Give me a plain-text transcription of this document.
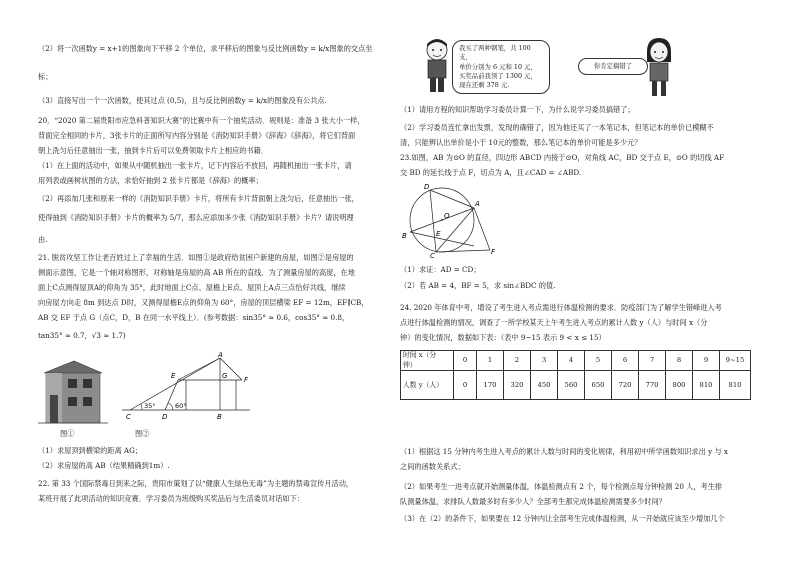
（2）将一次函数y = x+1的图象向下平移 2 个单位，求平移后的图象与反比例函数y = k/x图象的交点坐
标；
（3）直接写出一个一次函数，使其过点 (0,5)，且与反比例函数y = k/x的图象没有公共点.
20．“2020 第二届贵阳市应急科普知识大赛”的比赛中有一个抽奖活动．规则是：准备 3 张大小一样，
背面完全相同的卡片，3张卡片的正面所写内容分别是《消防知识手册》《辞海》《辞海》，将它们背面
朝上洗匀后任意抽出一张，抽到卡片后可以免费领取卡片上相应的书籍．
（1）在上面的活动中，如果从中随机抽出一张卡片，记下内容后不放回，再随机抽出一张卡片，请
用列表或画树状图的方法，求恰好抽到 2 张卡片都是《辞海》的概率；
（2）再添加几张和原来一样的《消防知识手册》卡片，将所有卡片背面朝上洗匀后，任意抽出一张，
使得抽到《消防知识手册》卡片的概率为 5/7，那么应添加多少张《消防知识手册》卡片？请说明理
由.
21. 脱贫攻坚工作让老百姓过上了幸福的生活．如图①是政府给贫困户新建的房屋，如图②是房屋的
侧面示意图，它是一个轴对称图形，对称轴是房屋的高 AB 所在的直线．为了测量房屋的高度，在地
面上C点测得屋顶A的仰角为 35°，此时地面上C点、屋檐上E点、屋顶上A点三点恰好共线，继续
向房屋方向走 8m 到达点 D时，又测得屋檐E点的仰角为 60°，房屋的顶层横梁 EF = 12m，EF∥CB，
AB 交 EF 于点 G（点C，D，B 在同一水平线上）．(参考数据：sin35° ≈ 0.6，cos35° ≈ 0.8，
tan35° ≈ 0.7，√3 ≈ 1.7)
图①
A
E	G F
C	D	B
35°	60°
图②
（1）求屋顶到横梁的距离 AG；
（2）求房屋的高 AB（结果精确到1m）.
22. 第 33 个国际禁毒日到来之际，贵阳市策划了以“健康人生绿色无毒”为主题的禁毒宣传月活动，
某班开展了此项活动的知识竞赛．学习委员为班级购买奖品后与生活委员对话如下：
我买了两种钢笔，共 100 支，
单价分别为 6 元和 10 元，
买奖品前我领了 1300 元，
现在还剩 378 元.
你肯定搞错了
（1）请用方程的知识帮助学习委员计算一下，为什么说学习委员搞错了；
（2）学习委员连忙拿出发票，发现的确错了，因为他还买了一本笔记本，但笔记本的单价已模糊不
清，只能辨认出单价是小于 10元的整数，那么笔记本的单价可能是多少元？
23.如图，AB 为⊙O 的直径，四边形 ABCD 内接于⊙O，对角线 AC，BD 交于点 E，⊙O 的切线 AF
交 BD 的延长线于点 F，切点为 A，且∠CAD = ∠ABD.
A
O
D
E
B
C	F
（1）求证：AD = CD；
（2）若 AB = 4，BF = 5，求 sin∠BDC 的值.
24. 2020 年体育中考，增设了考生进入考点需进行体温检测的要求．防疫部门为了解学生错峰进入考
点进行体温检测的情况，调查了一所学校某天上午考生进入考点的累计人数 y（人）与时间 x（分
钟）的变化情况，数据如下表：（表中 9~15 表示 9 < x ≤ 15）
时间 x（分
钟）	0	1	2	3	4	5	6	7	8	9	9~15
人数 y（人）	0	170	320	450	560	650	720	770	800	810	810
（1）根据这 15 分钟内考生进入考点的累计人数与时间的变化规律，利用初中所学函数知识求出 y 与 x
之间的函数关系式；
（2）如果考生一进考点就开始测量体温，体温检测点有 2 个，每个检测点每分钟检测 20 人，考生排
队测量体温，求排队人数最多时有多少人？全部考生都完成体温检测需要多少时间？
（3）在（2）的条件下，如果要在 12 分钟内让全部考生完成体温检测，从一开始就应该至少增加几个
